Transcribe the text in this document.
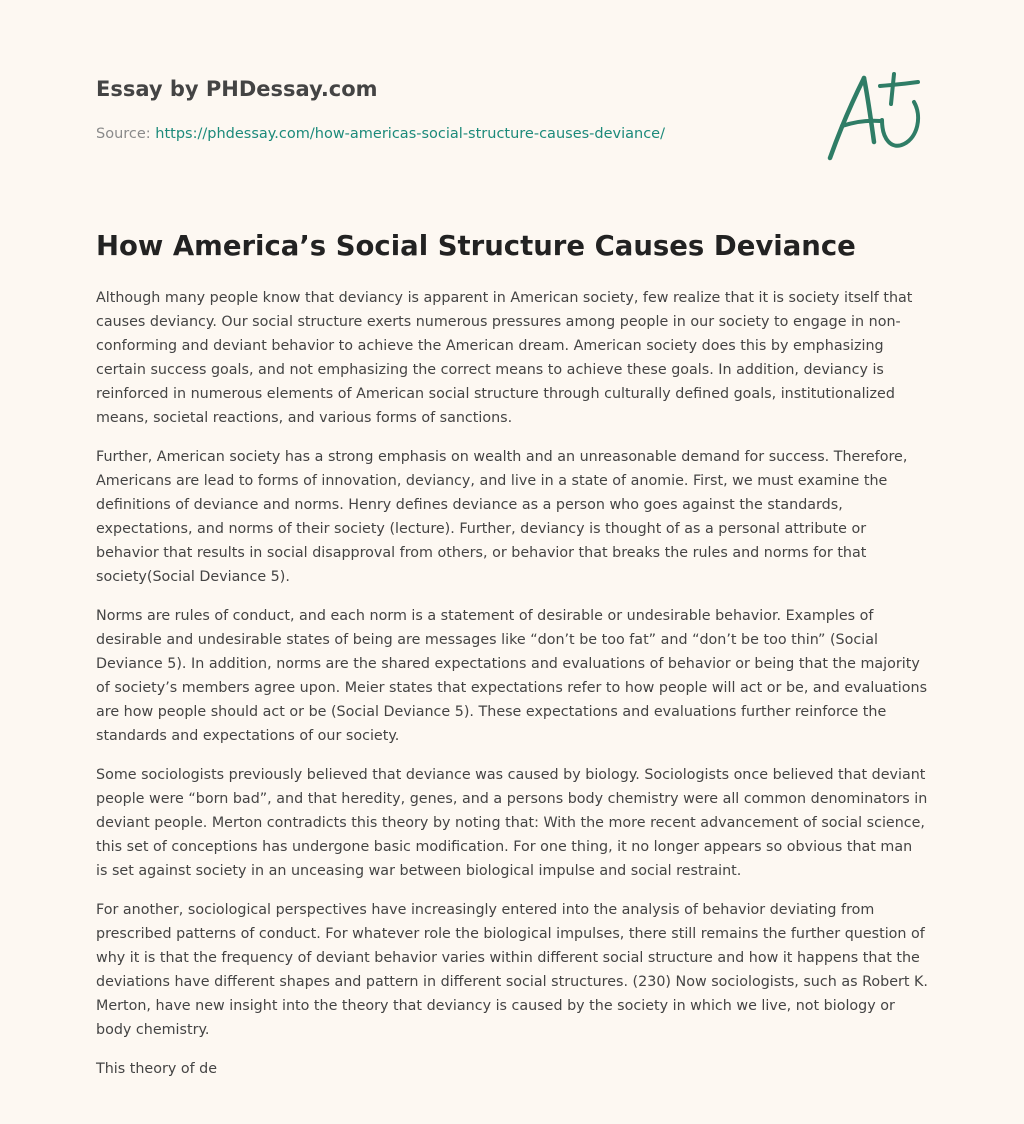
Essay by PHDessay.com
Source: https://phdessay.com/how-americas-social-structure-causes-deviance/
How America’s Social Structure Causes Deviance

Although many people know that deviancy is apparent in American society, few realize that it is society itself that causes deviancy. Our social structure exerts numerous pressures among people in our society to engage in non-conforming and deviant behavior to achieve the American dream. American society does this by emphasizing certain success goals, and not emphasizing the correct means to achieve these goals. In addition, deviancy is reinforced in numerous elements of American social structure through culturally defined goals, institutionalized means, societal reactions, and various forms of sanctions.

Further, American society has a strong emphasis on wealth and an unreasonable demand for success. Therefore, Americans are lead to forms of innovation, deviancy, and live in a state of anomie. First, we must examine the definitions of deviance and norms. Henry defines deviance as a person who goes against the standards, expectations, and norms of their society (lecture). Further, deviancy is thought of as a personal attribute or behavior that results in social disapproval from others, or behavior that breaks the rules and norms for that society(Social Deviance 5).

Norms are rules of conduct, and each norm is a statement of desirable or undesirable behavior. Examples of desirable and undesirable states of being are messages like “don’t be too fat” and “don’t be too thin” (Social Deviance 5). In addition, norms are the shared expectations and evaluations of behavior or being that the majority of society’s members agree upon. Meier states that expectations refer to how people will act or be, and evaluations are how people should act or be (Social Deviance 5). These expectations and evaluations further reinforce the standards and expectations of our society.

Some sociologists previously believed that deviance was caused by biology. Sociologists once believed that deviant people were “born bad”, and that heredity, genes, and a persons body chemistry were all common denominators in deviant people. Merton contradicts this theory by noting that: With the more recent advancement of social science, this set of conceptions has undergone basic modification. For one thing, it no longer appears so obvious that man is set against society in an unceasing war between biological impulse and social restraint.

For another, sociological perspectives have increasingly entered into the analysis of behavior deviating from prescribed patterns of conduct. For whatever role the biological impulses, there still remains the further question of why it is that the frequency of deviant behavior varies within different social structure and how it happens that the deviations have different shapes and pattern in different social structures. (230) Now sociologists, such as Robert K. Merton, have new insight into the theory that deviancy is caused by the society in which we live, not biology or body chemistry.

This theory of de
